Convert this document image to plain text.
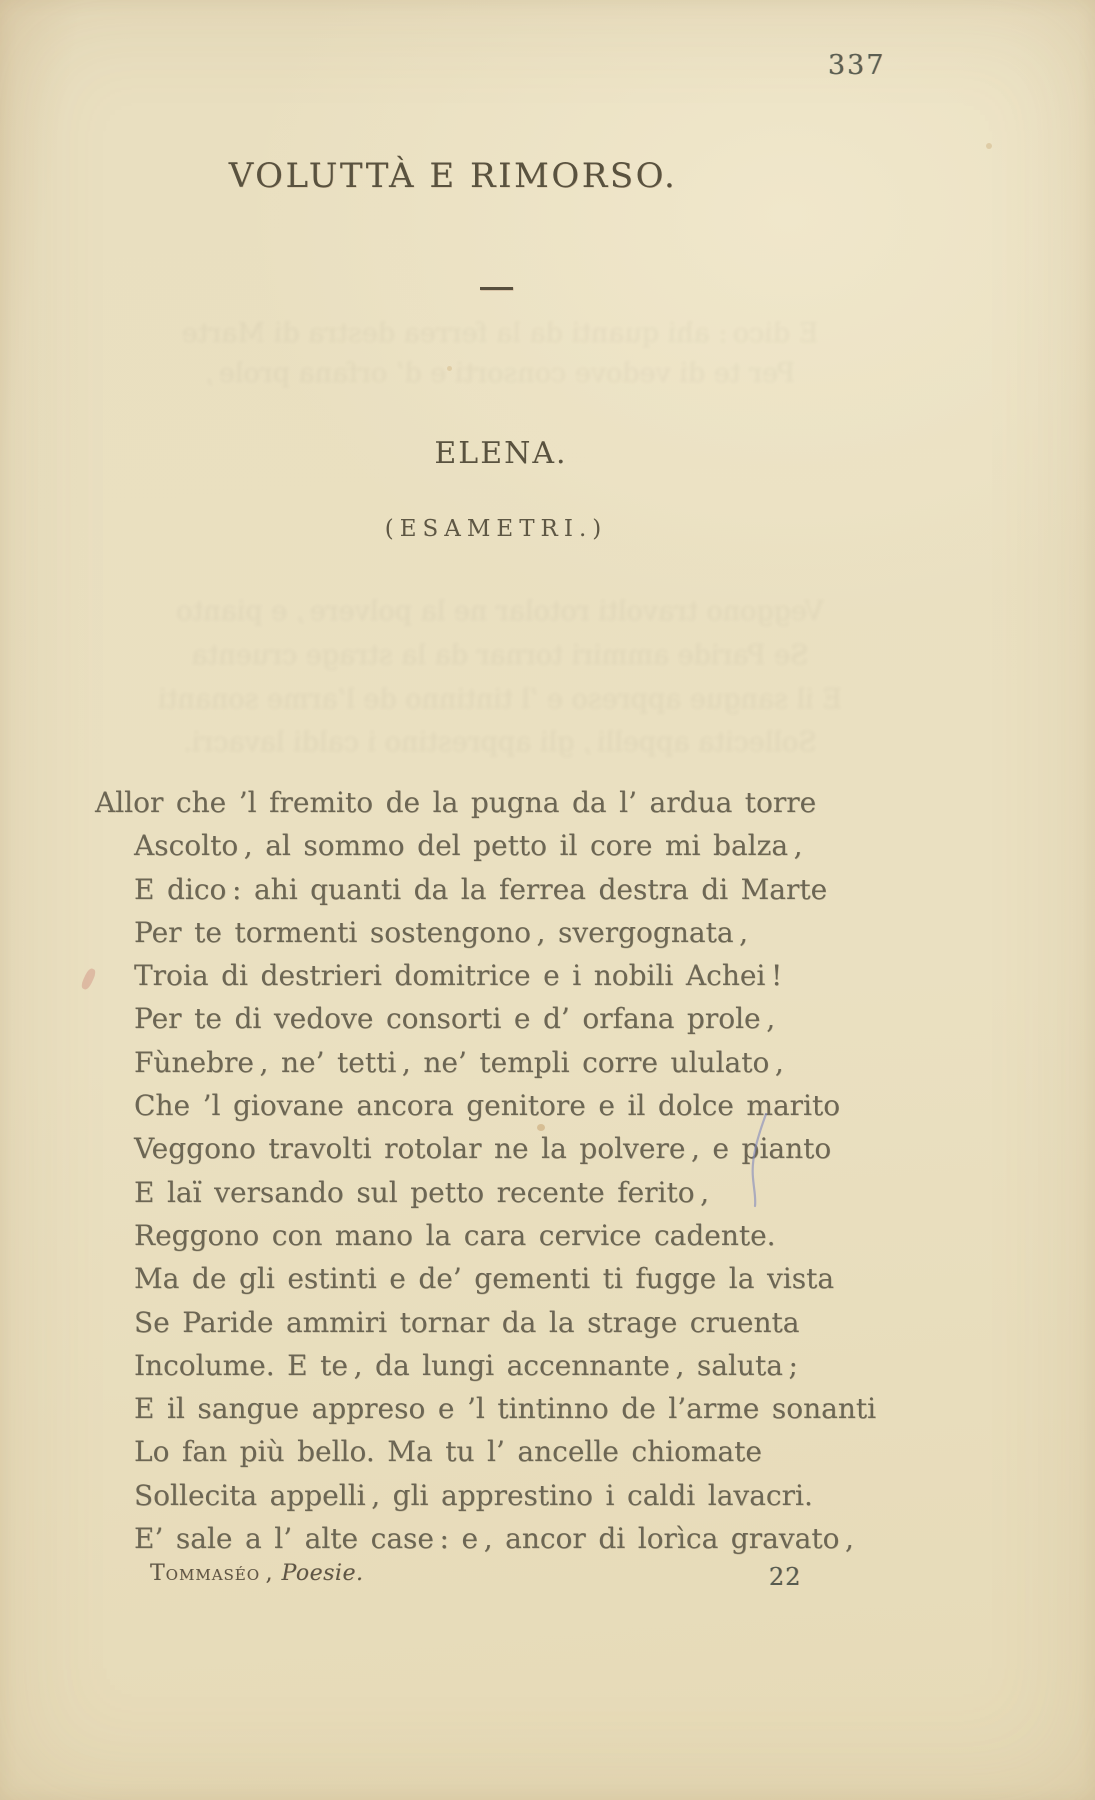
E dico : ahi quanti da la ferrea destra di Marte
Per te di vedove consorti e d’ orfana prole ,
Veggono travolti rotolar ne la polvere , e pianto
Se Paride ammiri tornar da la strage cruenta
E il sangue appreso e ’l tintinno de l’arme sonanti
Sollecita appelli , gli apprestino i caldi lavacri.
337
VOLUTTÀ E RIMORSO.
ELENA.
(ESAMETRI.)
Allor che ’l fremito de la pugna da l’ ardua torre
Ascolto , al sommo del petto il core mi balza ,
E dico : ahi quanti da la ferrea destra di Marte
Per te tormenti sostengono , svergognata ,
Troia di destrieri domitrice e i nobili Achei !
Per te di vedove consorti e d’ orfana prole ,
Fùnebre , ne’ tetti , ne’ templi corre ululato ,
Che ’l giovane ancora genitore e il dolce marito
Veggono travolti rotolar ne la polvere , e pianto
E laï versando sul petto recente ferito ,
Reggono con mano la cara cervice cadente.
Ma de gli estinti e de’ gementi ti fugge la vista
Se Paride ammiri tornar da la strage cruenta
Incolume. E te , da lungi accennante , saluta ;
E il sangue appreso e ’l tintinno de l’arme sonanti
Lo fan più bello. Ma tu l’ ancelle chiomate
Sollecita appelli , gli apprestino i caldi lavacri.
E’ sale a l’ alte case : e , ancor di lorìca gravato ,
Tommaséo , Poesie.	22
